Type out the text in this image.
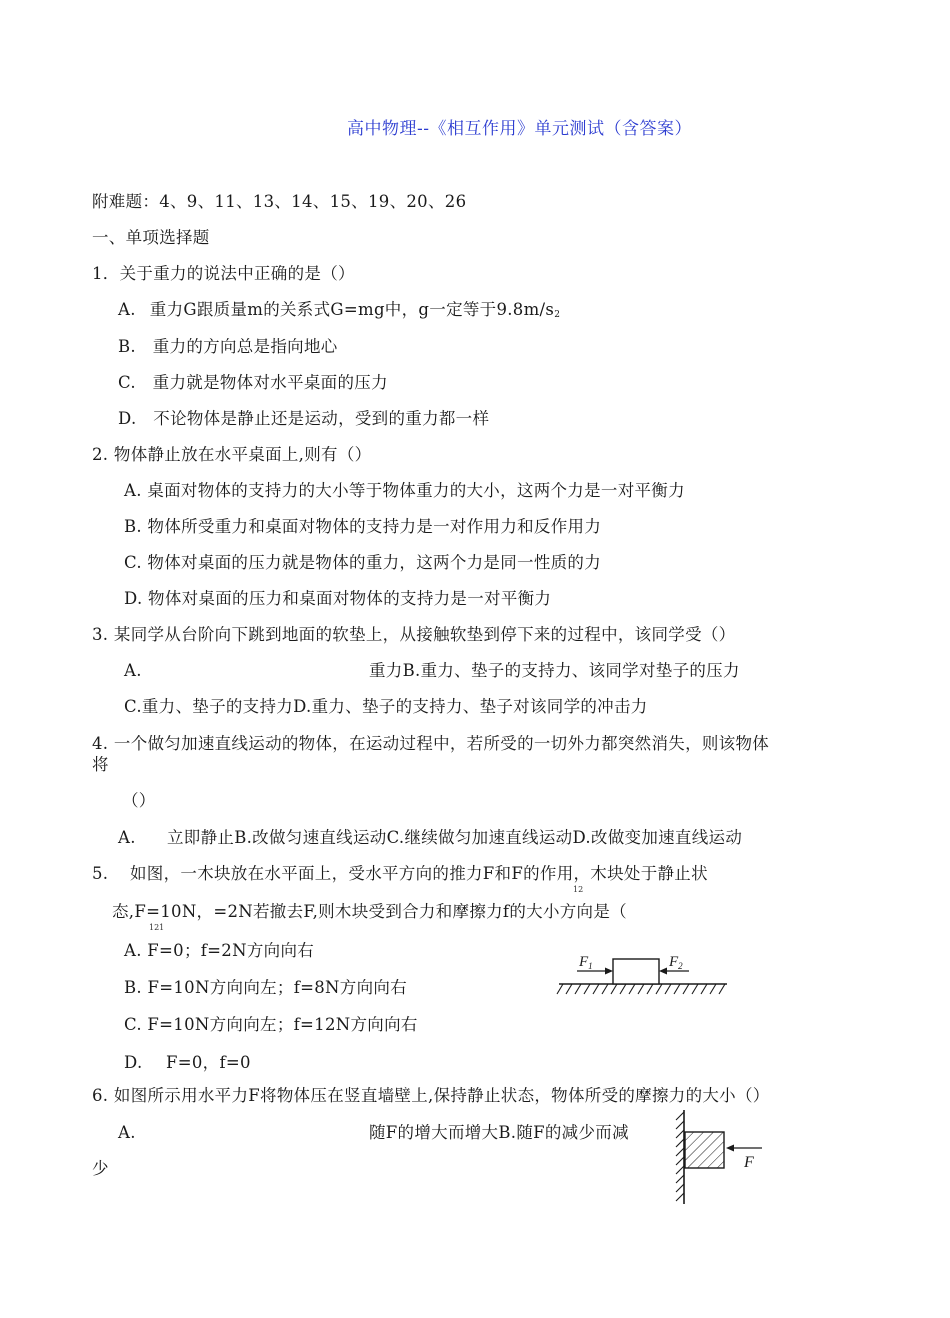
高中物理--《相互作用》单元测试（含答案）
附难题：4、9、11、13、14、15、19、20、26
一、单项选择题
1．关于重力的说法中正确的是（）
A. 重力G跟质量m的关系式G=mg中，g一定等于$9.8m/s_2$
B.　重力的方向总是指向地心
C.　重力就是物体对水平桌面的压力
D.　不论物体是静止还是运动，受到的重力都一样
2. 物体静止放在水平桌面上,则有（）
A. 桌面对物体的支持力的大小等于物体重力的大小，这两个力是一对平衡力
B. 物体所受重力和桌面对物体的支持力是一对作用力和反作用力
C. 物体对桌面的压力就是物体的重力，这两个力是同一性质的力
D. 物体对桌面的压力和桌面对物体的支持力是一对平衡力
3. 某同学从台阶向下跳到地面的软垫上，从接触软垫到停下来的过程中，该同学受（）
A.	重力B.重力、垫子的支持力、该同学对垫子的压力
C.重力、垫子的支持力D.重力、垫子的支持力、垫子对该同学的冲击力
4. 一个做匀加速直线运动的物体，在运动过程中，若所受的一切外力都突然消失，则该物体
将
（）
A. 立即静止B.改做匀速直线运动C.继续做匀加速直线运动D.改做变加速直线运动
5. 如图，一木块放在水平面上，受水平方向的推力F和F的作用，木块处于静止状
12
态,F=10N，=2N若撤去F,则木块受到合力和摩擦力f的大小方向是（
121
A. F=0；f=2N方向向右
B. F=10N方向向左；f=8N方向向右
C. F=10N方向向左；f=12N方向向右
D. F=0，f=0
$F_1$	$F_2$
6. 如图所示用水平力F将物体压在竖直墙壁上,保持静止状态，物体所受的摩擦力的大小（）
A.	随F的增大而增大B.随F的减少而减
少	F
